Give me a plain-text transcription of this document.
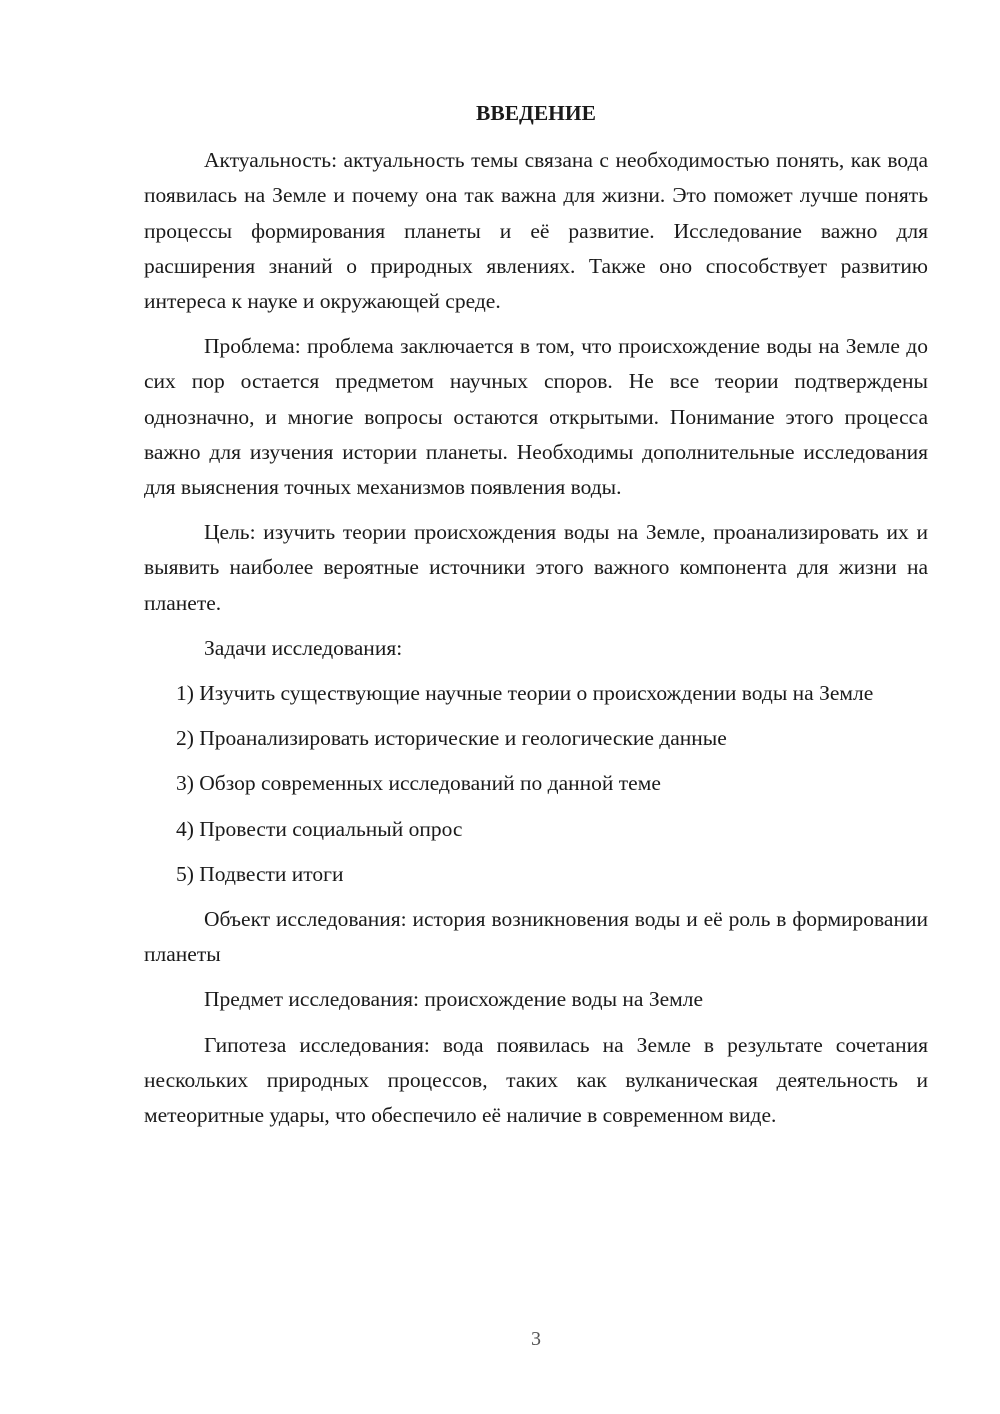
ВВЕДЕНИЕ

Актуальность: актуальность темы связана с необходимостью понять, как вода появилась на Земле и почему она так важна для жизни. Это поможет лучше понять процессы формирования планеты и её развитие. Исследование важно для расширения знаний о природных явлениях. Также оно способствует развитию интереса к науке и окружающей среде.

Проблема: проблема заключается в том, что происхождение воды на Земле до сих пор остается предметом научных споров. Не все теории подтверждены однозначно, и многие вопросы остаются открытыми. Понимание этого процесса важно для изучения истории планеты. Необходимы дополнительные исследования для выяснения точных механизмов появления воды.

Цель: изучить теории происхождения воды на Земле, проанализировать их и выявить наиболее вероятные источники этого важного компонента для жизни на планете.

Задачи исследования:

1) Изучить существующие научные теории о происхождении воды на Земле

2) Проанализировать исторические и геологические данные

3) Обзор современных исследований по данной теме

4) Провести социальный опрос

5) Подвести итоги

Объект исследования: история возникновения воды и её роль в формировании планеты

Предмет исследования: происхождение воды на Земле

Гипотеза исследования: вода появилась на Земле в результате сочетания нескольких природных процессов, таких как вулканическая деятельность и метеоритные удары, что обеспечило её наличие в современном виде.

3
